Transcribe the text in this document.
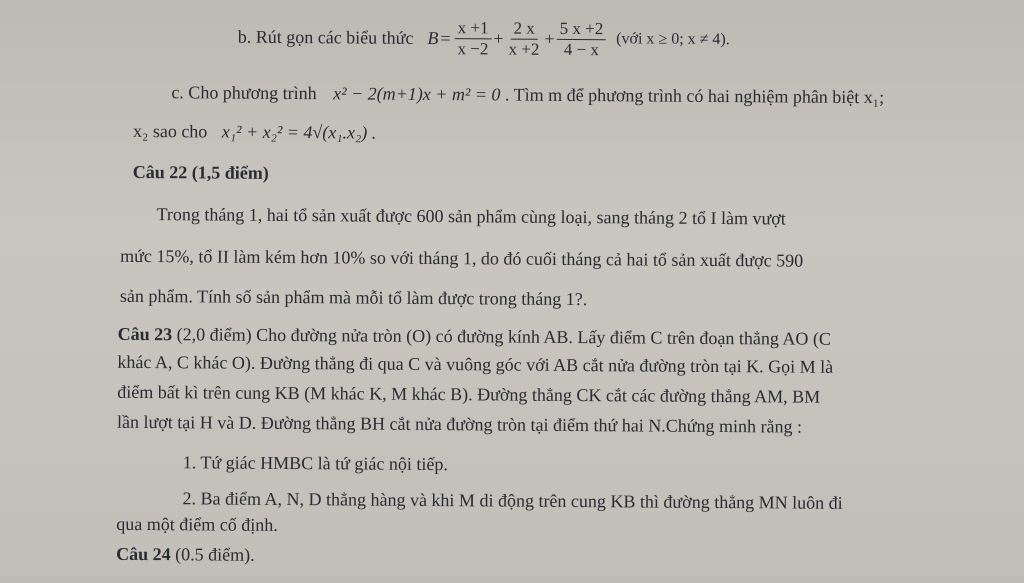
b. Rút gọn các biểu thức $B = \frac{x +1}{x -2} + \frac{2 x}{x +2} + \frac{5 x +2}{4 - x}$ (với x ≥ 0; x ≠ 4).
c. Cho phương trình x² − 2(m+1)x + m² = 0 . Tìm m để phương trình có hai nghiệm phân biệt x₁;
x₂ sao cho x₁² + x₂² = 4√(x₁.x₂) .
Câu 22 (1,5 điểm)
Trong tháng 1, hai tổ sản xuất được 600 sản phẩm cùng loại, sang tháng 2 tổ I làm vượt
mức 15%, tổ II làm kém hơn 10% so với tháng 1, do đó cuối tháng cả hai tổ sản xuất được 590
sản phẩm. Tính số sản phẩm mà mỗi tổ làm được trong tháng 1?.
Câu 23 (2,0 điểm) Cho đường nửa tròn (O) có đường kính AB. Lấy điểm C trên đoạn thẳng AO (C
khác A, C khác O). Đường thẳng đi qua C và vuông góc với AB cắt nửa đường tròn tại K. Gọi M là
điểm bất kì trên cung KB (M khác K, M khác B). Đường thẳng CK cắt các đường thẳng AM, BM
lần lượt tại H và D. Đường thẳng BH cắt nửa đường tròn tại điểm thứ hai N.Chứng minh rằng :
1. Tứ giác HMBC là tứ giác nội tiếp.
2. Ba điểm A, N, D thẳng hàng và khi M di động trên cung KB thì đường thẳng MN luôn đi
qua một điểm cố định.
Câu 24 (0.5 điểm).
